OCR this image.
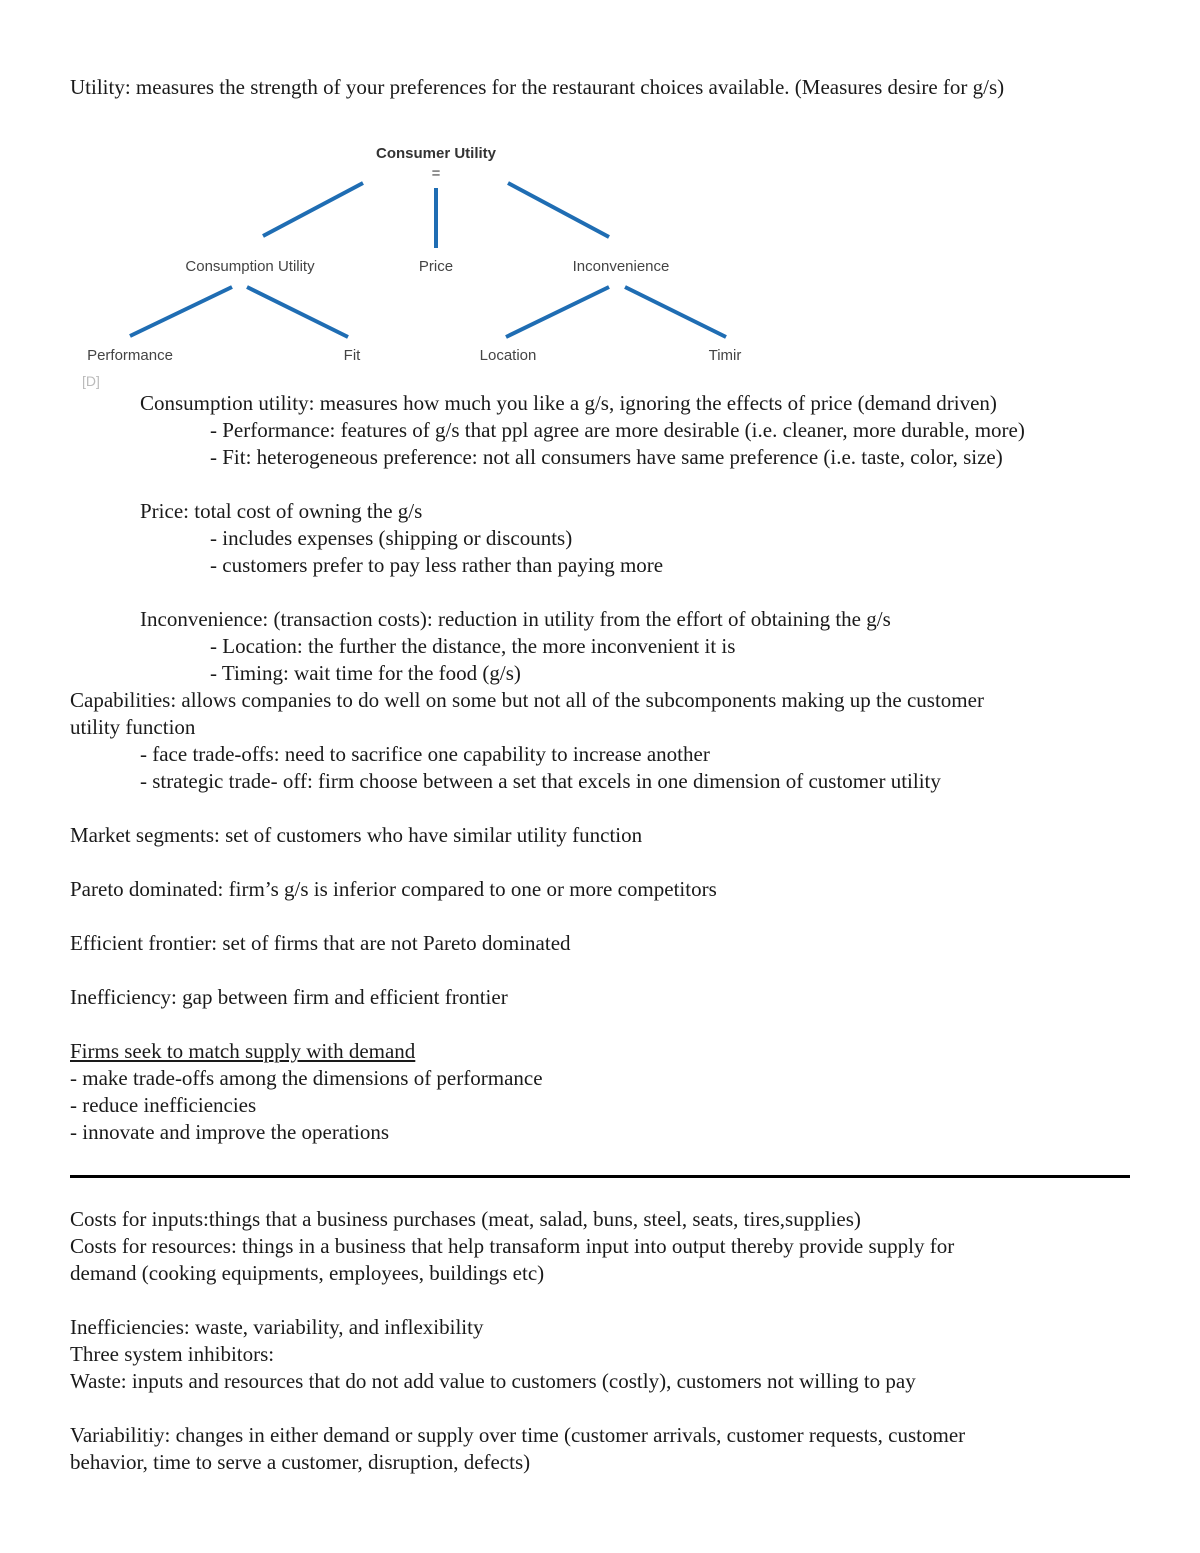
Utility: measures the strength of your preferences for the restaurant choices available. (Measures desire for g/s)
Consumer Utility
=
Consumption Utility	Price	Inconvenience
Performance	Fit	Location	Timir
[D]
Consumption utility: measures how much you like a g/s, ignoring the effects of price (demand driven)
- Performance: features of g/s that ppl agree are more desirable (i.e. cleaner, more durable, more)
- Fit: heterogeneous preference: not all consumers have same preference (i.e. taste, color, size)
Price: total cost of owning the g/s
- includes expenses (shipping or discounts)
- customers prefer to pay less rather than paying more
Inconvenience: (transaction costs): reduction in utility from the effort of obtaining the g/s
- Location: the further the distance, the more inconvenient it is
- Timing: wait time for the food (g/s)
Capabilities: allows companies to do well on some but not all of the subcomponents making up the customer
utility function
- face trade-offs: need to sacrifice one capability to increase another
- strategic trade- off: firm choose between a set that excels in one dimension of customer utility
Market segments: set of customers who have similar utility function
Pareto dominated: firm’s g/s is inferior compared to one or more competitors
Efficient frontier: set of firms that are not Pareto dominated
Inefficiency: gap between firm and efficient frontier
Firms seek to match supply with demand
- make trade-offs among the dimensions of performance
- reduce inefficiencies
- innovate and improve the operations
Costs for inputs:things that a business purchases (meat, salad, buns, steel, seats, tires,supplies)
Costs for resources: things in a business that help transaform input into output thereby provide supply for
demand (cooking equipments, employees, buildings etc)
Inefficiencies: waste, variability, and inflexibility
Three system inhibitors:
Waste: inputs and resources that do not add value to customers (costly), customers not willing to pay
Variabilitiy: changes in either demand or supply over time (customer arrivals, customer requests, customer
behavior, time to serve a customer, disruption, defects)
